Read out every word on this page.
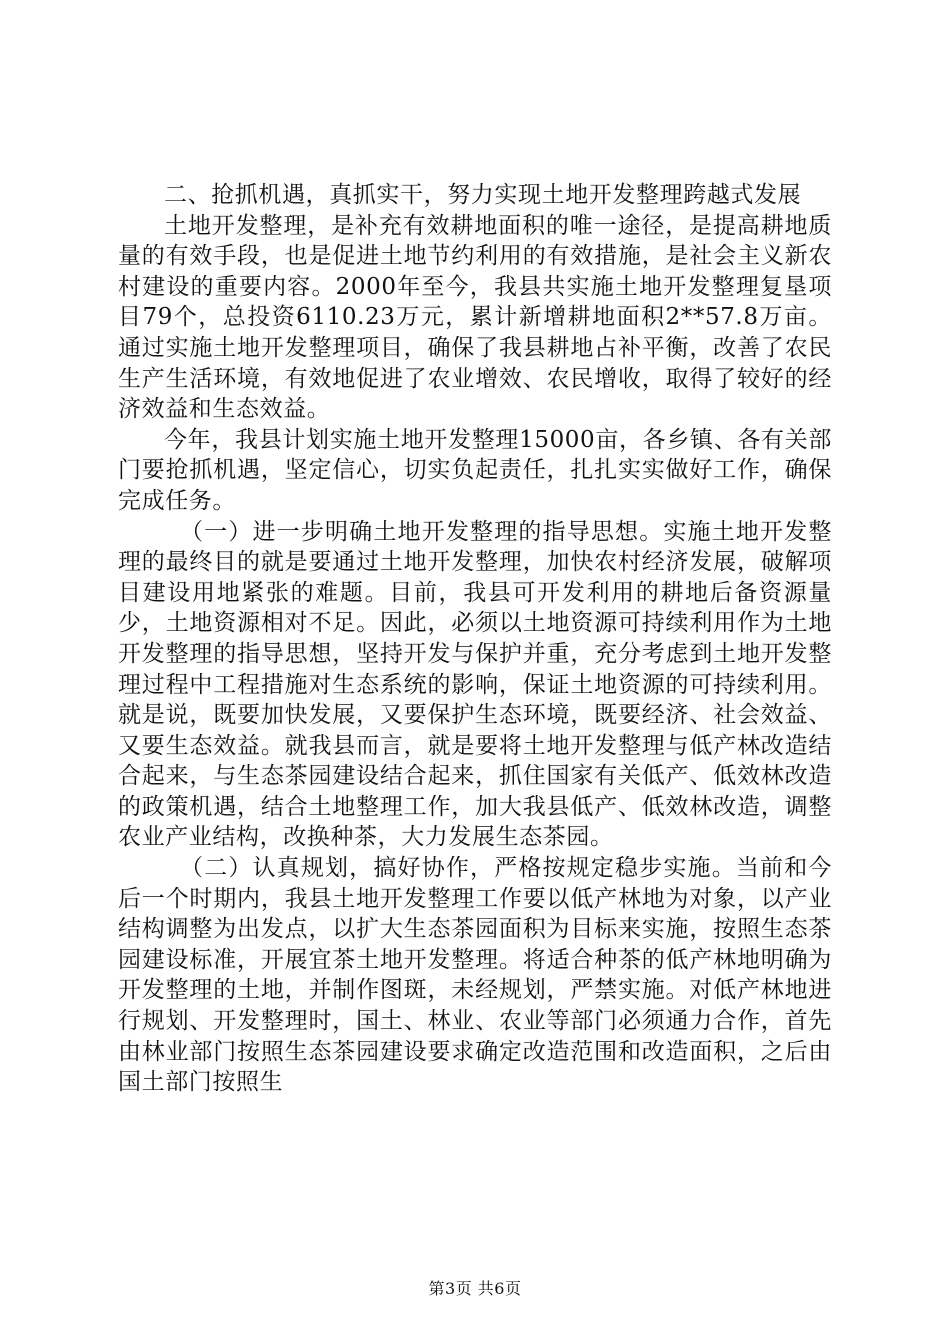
二、抢抓机遇，真抓实干，努力实现土地开发整理跨越式发展

土地开发整理，是补充有效耕地面积的唯一途径，是提高耕地质量的有效手段，也是促进土地节约利用的有效措施，是社会主义新农村建设的重要内容。2000年至今，我县共实施土地开发整理复垦项目79个，总投资6110.23万元，累计新增耕地面积2**57.8万亩。通过实施土地开发整理项目，确保了我县耕地占补平衡，改善了农民生产生活环境，有效地促进了农业增效、农民增收，取得了较好的经济效益和生态效益。

今年，我县计划实施土地开发整理15000亩，各乡镇、各有关部门要抢抓机遇，坚定信心，切实负起责任，扎扎实实做好工作，确保完成任务。

（一）进一步明确土地开发整理的指导思想。实施土地开发整理的最终目的就是要通过土地开发整理，加快农村经济发展，破解项目建设用地紧张的难题。目前，我县可开发利用的耕地后备资源量少，土地资源相对不足。因此，必须以土地资源可持续利用作为土地开发整理的指导思想，坚持开发与保护并重，充分考虑到土地开发整理过程中工程措施对生态系统的影响，保证土地资源的可持续利用。就是说，既要加快发展，又要保护生态环境，既要经济、社会效益、又要生态效益。就我县而言，就是要将土地开发整理与低产林改造结合起来，与生态茶园建设结合起来，抓住国家有关低产、低效林改造的政策机遇，结合土地整理工作，加大我县低产、低效林改造，调整农业产业结构，改换种茶，大力发展生态茶园。

（二）认真规划，搞好协作，严格按规定稳步实施。当前和今后一个时期内，我县土地开发整理工作要以低产林地为对象，以产业结构调整为出发点，以扩大生态茶园面积为目标来实施，按照生态茶园建设标准，开展宜茶土地开发整理。将适合种茶的低产林地明确为开发整理的土地，并制作图斑，未经规划，严禁实施。对低产林地进行规划、开发整理时，国土、林业、农业等部门必须通力合作，首先由林业部门按照生态茶园建设要求确定改造范围和改造面积，之后由国土部门按照生

第3页 共6页
